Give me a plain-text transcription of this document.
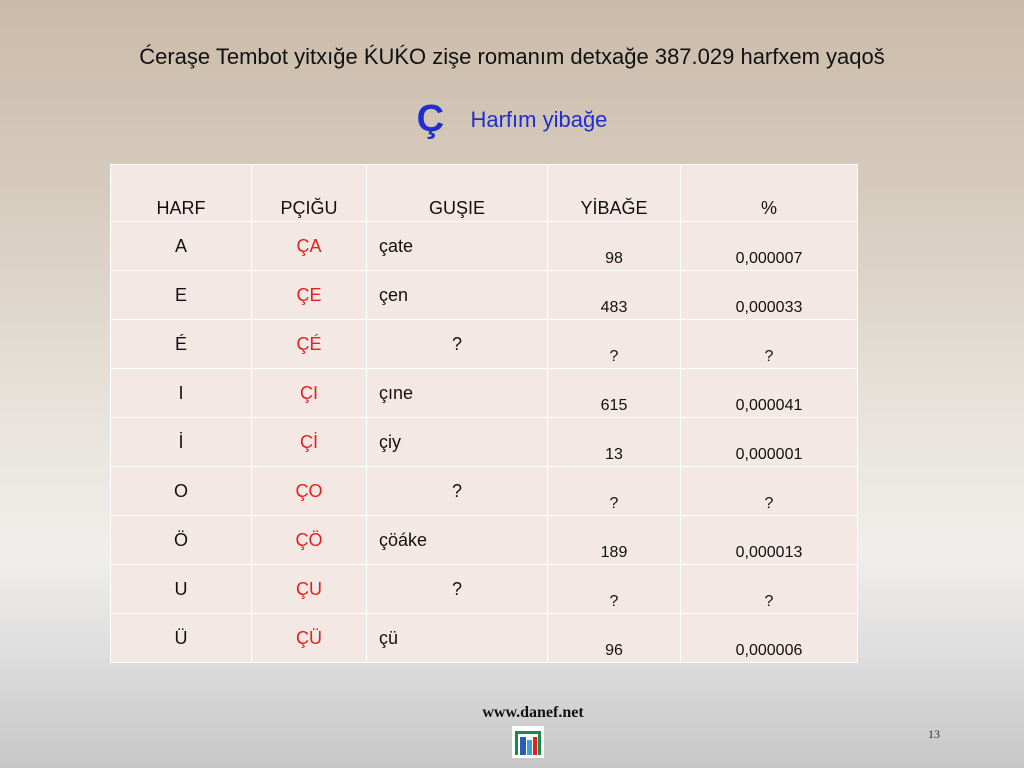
Ćeraşe Tembot yitxığe ḰUḰO zişe romanım detxağe 387.029 harfxem yaqoš
Ç Harfım yibağe
HARF	PÇIĞU	GUŞIE	YİBAĞE	%
A	ÇA	çate	98	0,000007
E	ÇE	çen	483	0,000033
É	ÇÉ	?	?	?
I	ÇI	çıne	615	0,000041
İ	Çİ	çiy	13	0,000001
O	ÇO	?	?	?
Ö	ÇÖ	çöáke	189	0,000013
U	ÇU	?	?	?
Ü	ÇÜ	çü	96	0,000006
www.danef.net
13
